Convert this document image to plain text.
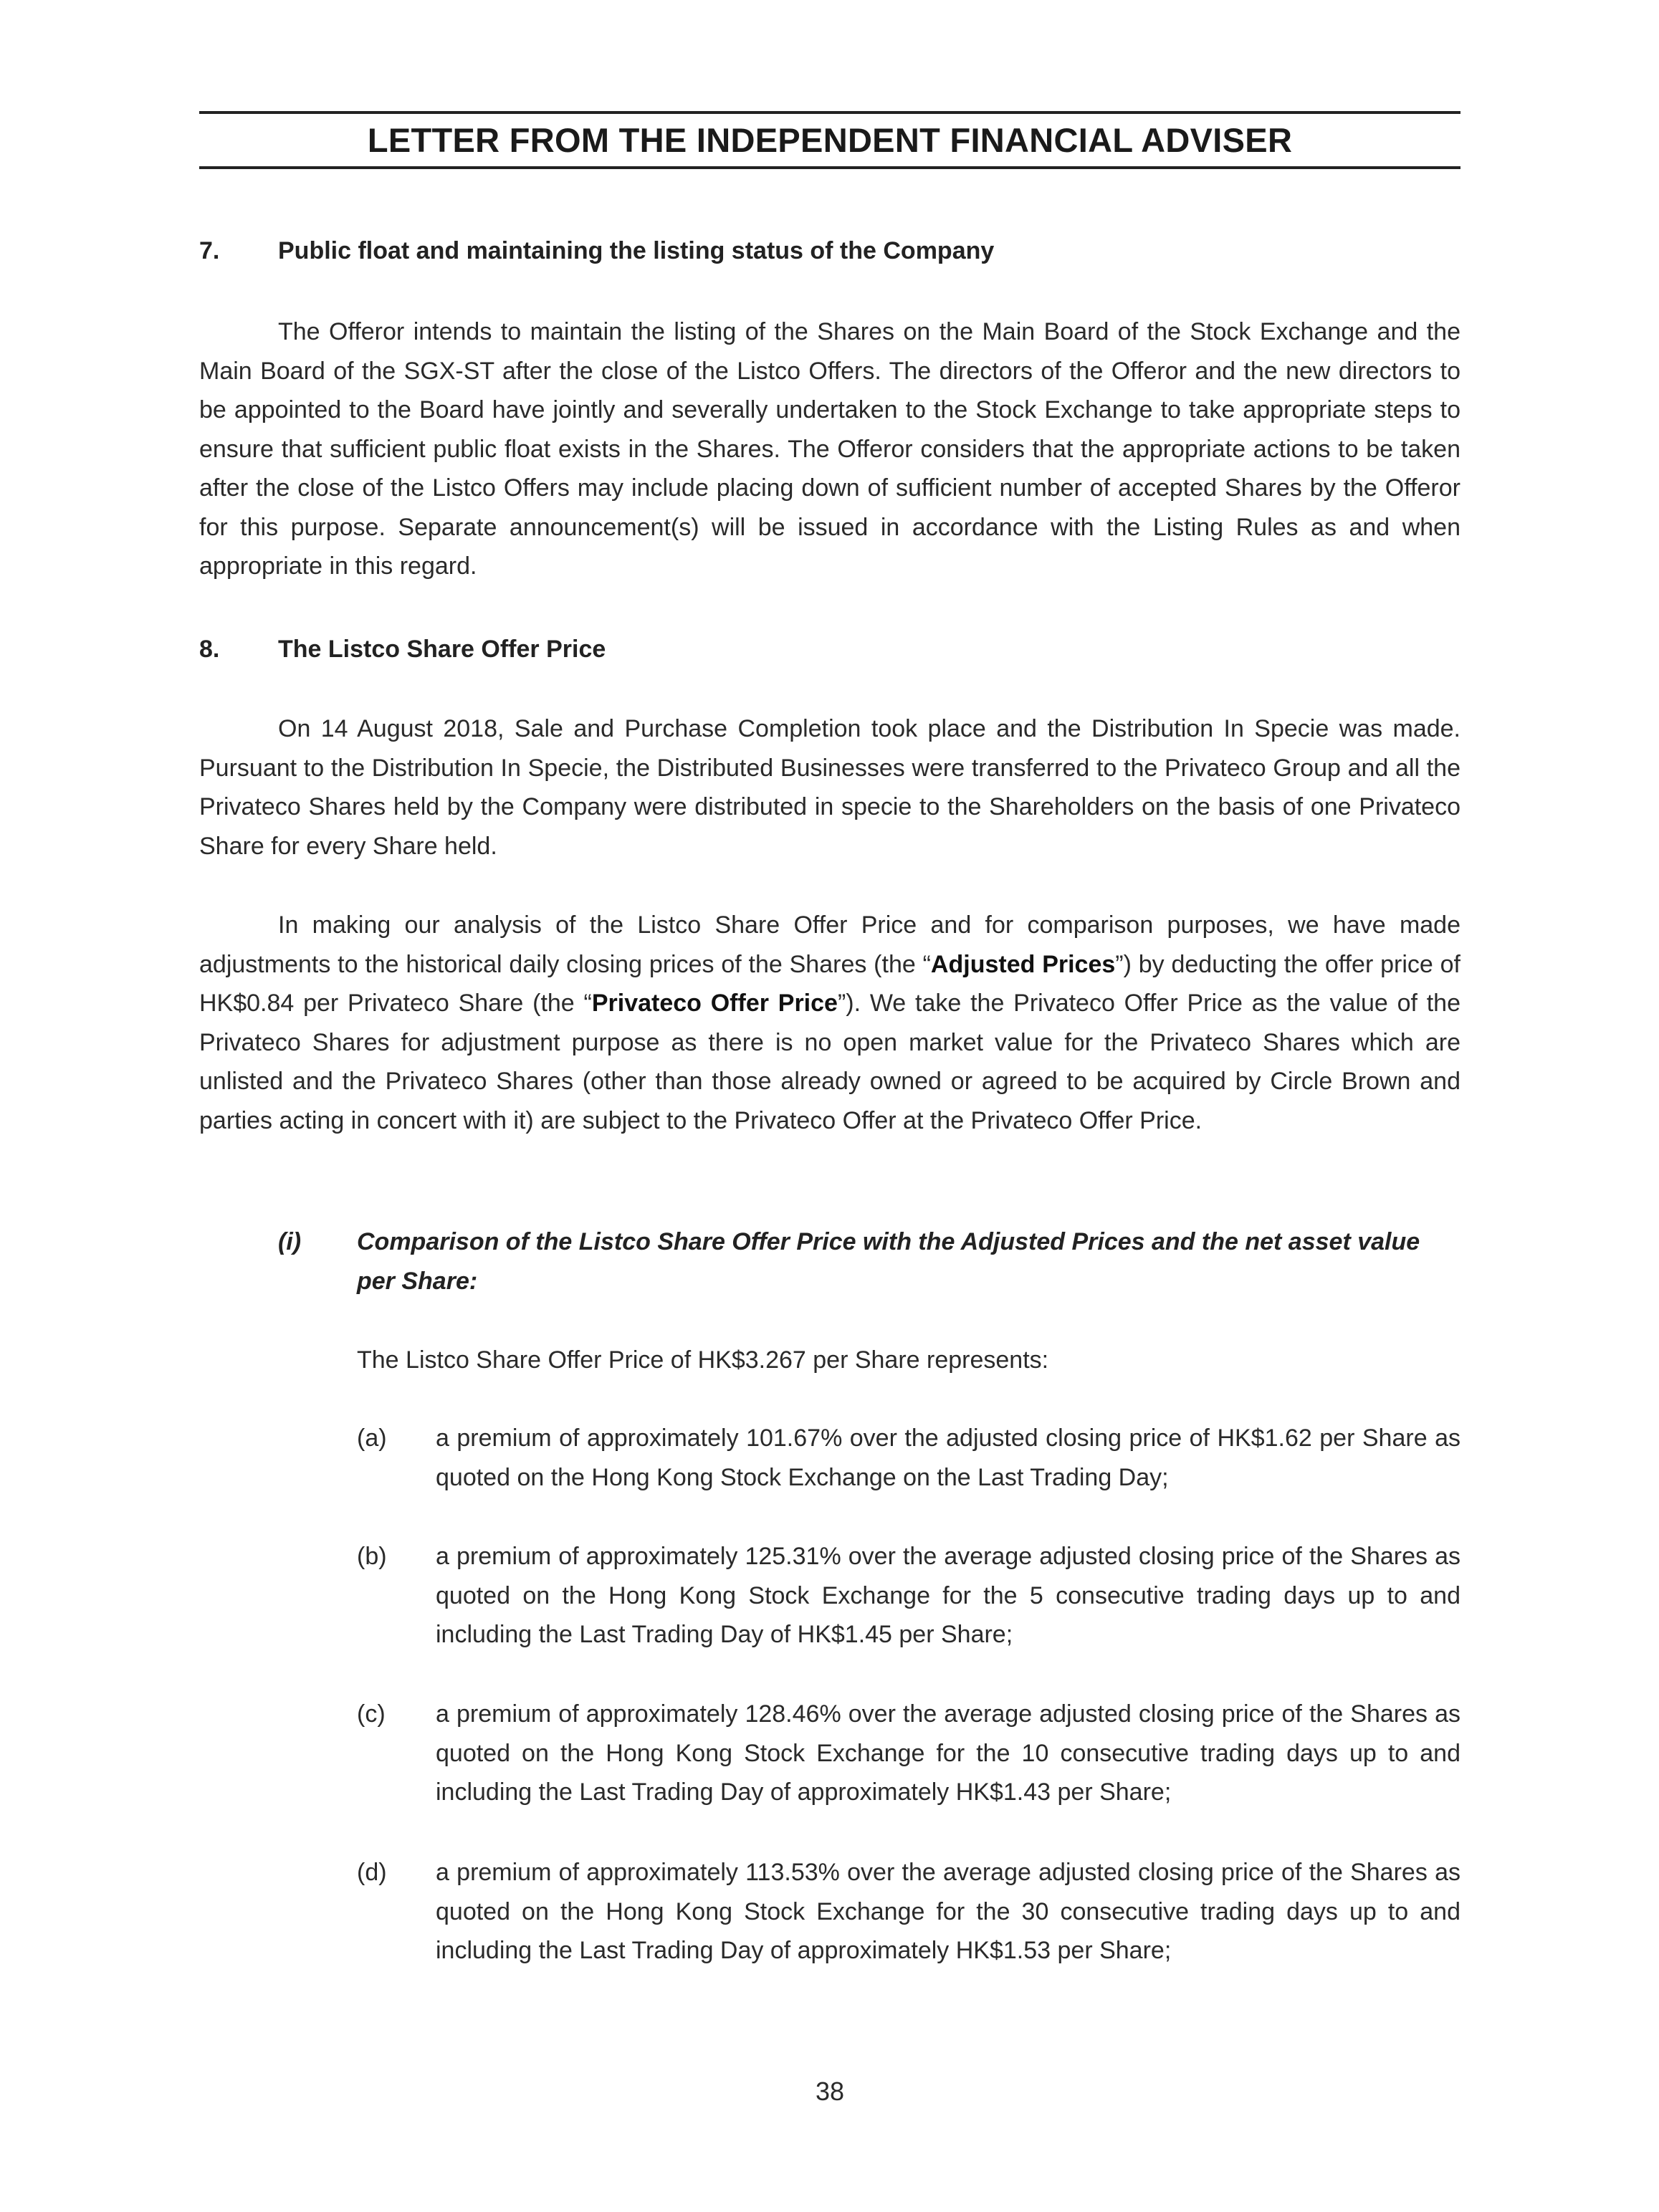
LETTER FROM THE INDEPENDENT FINANCIAL ADVISER
7.	Public float and maintaining the listing status of the Company

The Offeror intends to maintain the listing of the Shares on the Main Board of the Stock Exchange and the Main Board of the SGX-ST after the close of the Listco Offers. The directors of the Offeror and the new directors to be appointed to the Board have jointly and severally undertaken to the Stock Exchange to take appropriate steps to ensure that sufficient public float exists in the Shares. The Offeror considers that the appropriate actions to be taken after the close of the Listco Offers may include placing down of sufficient number of accepted Shares by the Offeror for this purpose. Separate announcement(s) will be issued in accordance with the Listing Rules as and when appropriate in this regard.

8.	The Listco Share Offer Price

On 14 August 2018, Sale and Purchase Completion took place and the Distribution In Specie was made. Pursuant to the Distribution In Specie, the Distributed Businesses were transferred to the Privateco Group and all the Privateco Shares held by the Company were distributed in specie to the Shareholders on the basis of one Privateco Share for every Share held.

In making our analysis of the Listco Share Offer Price and for comparison purposes, we have made adjustments to the historical daily closing prices of the Shares (the “Adjusted Prices”) by deducting the offer price of HK$0.84 per Privateco Share (the “Privateco Offer Price”). We take the Privateco Offer Price as the value of the Privateco Shares for adjustment purpose as there is no open market value for the Privateco Shares which are unlisted and the Privateco Shares (other than those already owned or agreed to be acquired by Circle Brown and parties acting in concert with it) are subject to the Privateco Offer at the Privateco Offer Price.

(i)	Comparison of the Listco Share Offer Price with the Adjusted Prices and the net asset value per Share:
The Listco Share Offer Price of HK$3.267 per Share represents:
(a)	a premium of approximately 101.67% over the adjusted closing price of HK$1.62 per Share as quoted on the Hong Kong Stock Exchange on the Last Trading Day;
(b)	a premium of approximately 125.31% over the average adjusted closing price of the Shares as quoted on the Hong Kong Stock Exchange for the 5 consecutive trading days up to and including the Last Trading Day of HK$1.45 per Share;
(c)	a premium of approximately 128.46% over the average adjusted closing price of the Shares as quoted on the Hong Kong Stock Exchange for the 10 consecutive trading days up to and including the Last Trading Day of approximately HK$1.43 per Share;
(d)	a premium of approximately 113.53% over the average adjusted closing price of the Shares as quoted on the Hong Kong Stock Exchange for the 30 consecutive trading days up to and including the Last Trading Day of approximately HK$1.53 per Share;
38
